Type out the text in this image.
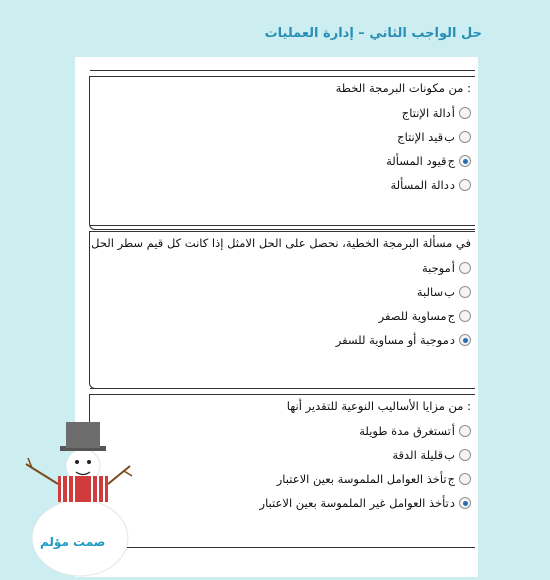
حل الواجب الثاني – إدارة العمليات
: من مكونات البرمجة الخطة
أ
دالة الإنتاج
ب
قيد الإنتاج
ج
قيود المسألة
د
دالة المسألة
في مسألة البرمجة الخطية، نحصل على الحل الامثل إذا كانت كل قيم سطر الحل
أ
موجبة
ب
سالبة
ج
مساوية للصفر
د
موجبة أو مساوية للسفر
: من مزايا الأساليب النوعية للتقدير أنها
أ
تستغرق مدة طويلة
ب
قليلة الدقة
ج
تأخذ العوامل الملموسة بعين الاعتبار
د
تأخذ العوامل غير الملموسة بعين الاعتبار
صمت مؤلم
